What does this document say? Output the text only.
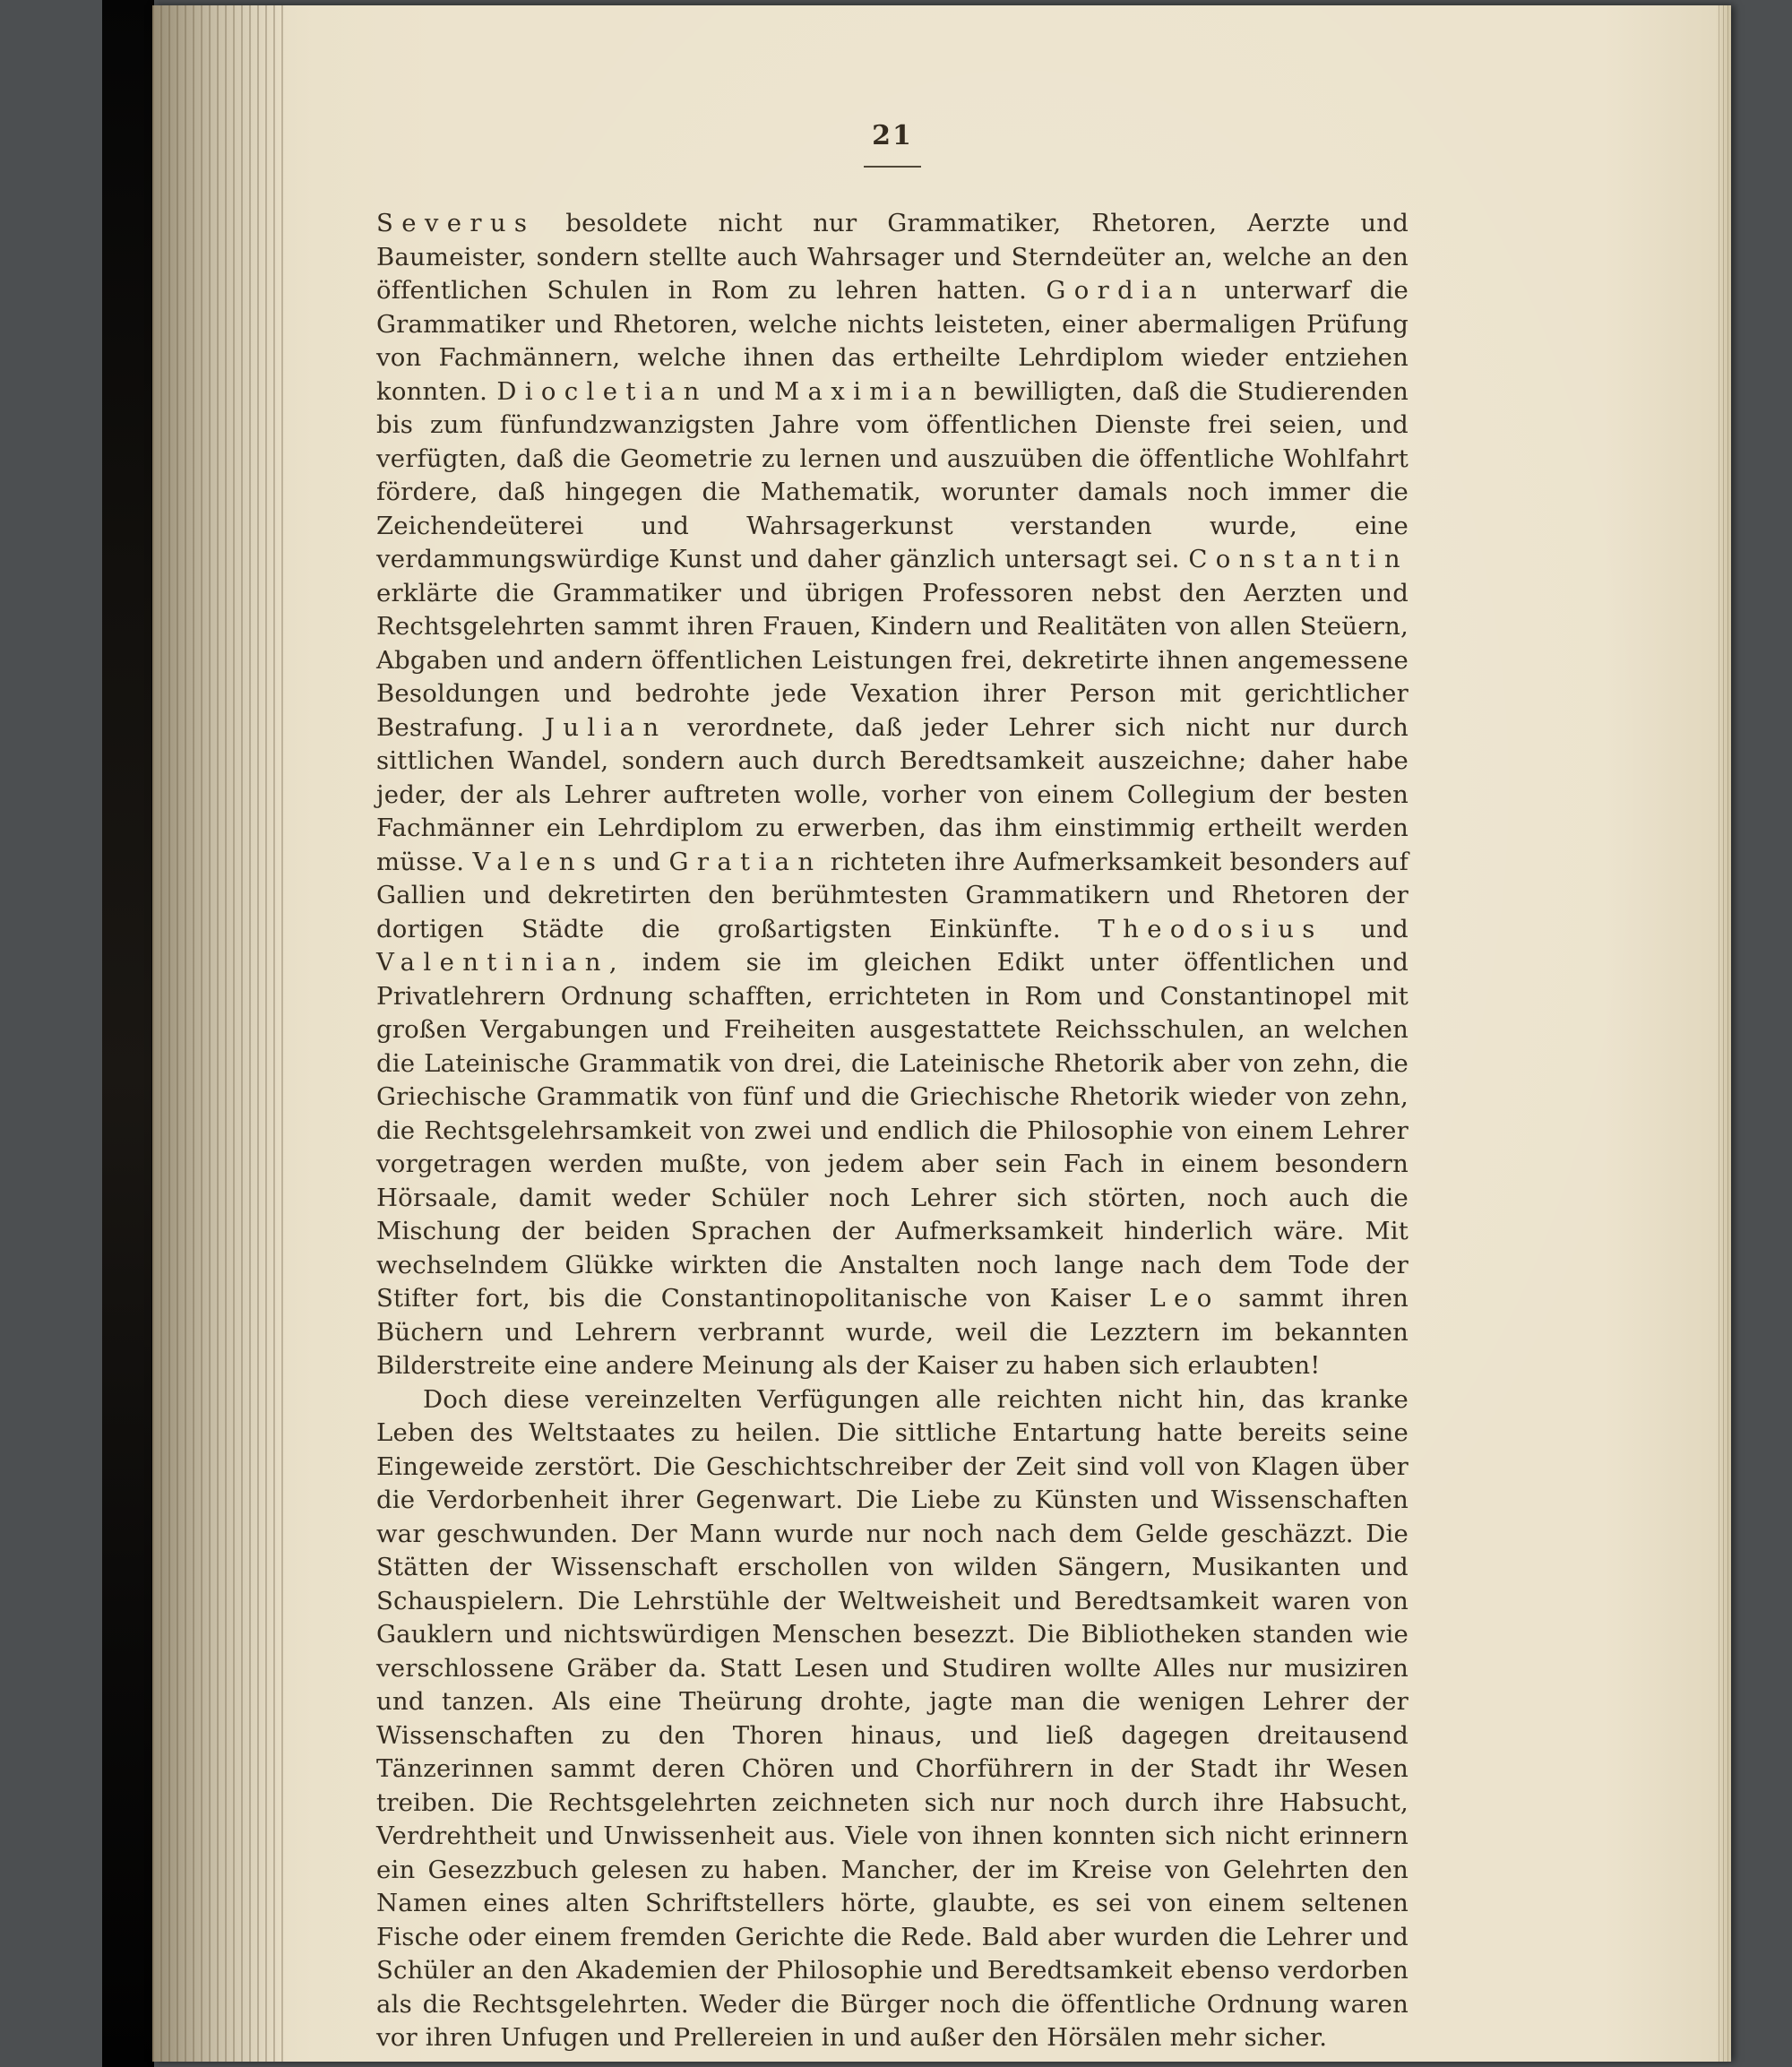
21

Severus besoldete nicht nur Grammatiker, Rhetoren, Aerzte und Baumeister, sondern stellte auch Wahrsager und Sterndeüter an, welche an den öffentlichen Schulen in Rom zu lehren hatten. Gordian unterwarf die Grammatiker und Rhetoren, welche nichts leisteten, einer abermaligen Prüfung von Fachmännern, welche ihnen das ertheilte Lehrdiplom wieder entziehen konnten. Diocletian und Maximian bewilligten, daß die Studierenden bis zum fünfundzwanzigsten Jahre vom öffentlichen Dienste frei seien, und verfügten, daß die Geometrie zu lernen und auszuüben die öffentliche Wohlfahrt fördere, daß hingegen die Mathematik, worunter damals noch immer die Zeichendeüterei und Wahrsagerkunst verstanden wurde, eine verdammungswürdige Kunst und daher gänzlich untersagt sei. Constantin erklärte die Grammatiker und übrigen Professoren nebst den Aerzten und Rechtsgelehrten sammt ihren Frauen, Kindern und Realitäten von allen Steüern, Abgaben und andern öffentlichen Leistungen frei, dekretirte ihnen angemessene Besoldungen und bedrohte jede Vexation ihrer Person mit gerichtlicher Bestrafung. Julian verordnete, daß jeder Lehrer sich nicht nur durch sittlichen Wandel, sondern auch durch Beredtsamkeit auszeichne; daher habe jeder, der als Lehrer auftreten wolle, vorher von einem Collegium der besten Fachmänner ein Lehrdiplom zu erwerben, das ihm einstimmig ertheilt werden müsse. Valens und Gratian richteten ihre Aufmerksamkeit besonders auf Gallien und dekretirten den berühmtesten Grammatikern und Rhetoren der dortigen Städte die großartigsten Einkünfte. Theodosius und Valentinian, indem sie im gleichen Edikt unter öffentlichen und Privatlehrern Ordnung schafften, errichteten in Rom und Constantinopel mit großen Vergabungen und Freiheiten ausgestattete Reichsschulen, an welchen die Lateinische Grammatik von drei, die Lateinische Rhetorik aber von zehn, die Griechische Grammatik von fünf und die Griechische Rhetorik wieder von zehn, die Rechtsgelehrsamkeit von zwei und endlich die Philosophie von einem Lehrer vorgetragen werden mußte, von jedem aber sein Fach in einem besondern Hörsaale, damit weder Schüler noch Lehrer sich störten, noch auch die Mischung der beiden Sprachen der Aufmerksamkeit hinderlich wäre. Mit wechselndem Glükke wirkten die Anstalten noch lange nach dem Tode der Stifter fort, bis die Constantinopolitanische von Kaiser Leo sammt ihren Büchern und Lehrern verbrannt wurde, weil die Lezztern im bekannten Bilderstreite eine andere Meinung als der Kaiser zu haben sich erlaubten!

Doch diese vereinzelten Verfügungen alle reichten nicht hin, das kranke Leben des Weltstaates zu heilen. Die sittliche Entartung hatte bereits seine Eingeweide zerstört. Die Geschichtschreiber der Zeit sind voll von Klagen über die Verdorbenheit ihrer Gegenwart. Die Liebe zu Künsten und Wissenschaften war geschwunden. Der Mann wurde nur noch nach dem Gelde geschäzzt. Die Stätten der Wissenschaft erschollen von wilden Sängern, Musikanten und Schauspielern. Die Lehrstühle der Weltweisheit und Beredtsamkeit waren von Gauklern und nichtswürdigen Menschen besezzt. Die Bibliotheken standen wie verschlossene Gräber da. Statt Lesen und Studiren wollte Alles nur musiziren und tanzen. Als eine Theürung drohte, jagte man die wenigen Lehrer der Wissenschaften zu den Thoren hinaus, und ließ dagegen dreitausend Tänzerinnen sammt deren Chören und Chorführern in der Stadt ihr Wesen treiben. Die Rechtsgelehrten zeichneten sich nur noch durch ihre Habsucht, Verdrehtheit und Unwissenheit aus. Viele von ihnen konnten sich nicht erinnern ein Gesezzbuch gelesen zu haben. Mancher, der im Kreise von Gelehrten den Namen eines alten Schriftstellers hörte, glaubte, es sei von einem seltenen Fische oder einem fremden Gerichte die Rede. Bald aber wurden die Lehrer und Schüler an den Akademien der Philosophie und Beredtsamkeit ebenso verdorben als die Rechtsgelehrten. Weder die Bürger noch die öffentliche Ordnung waren vor ihren Unfugen und Prellereien in und außer den Hörsälen mehr sicher.
